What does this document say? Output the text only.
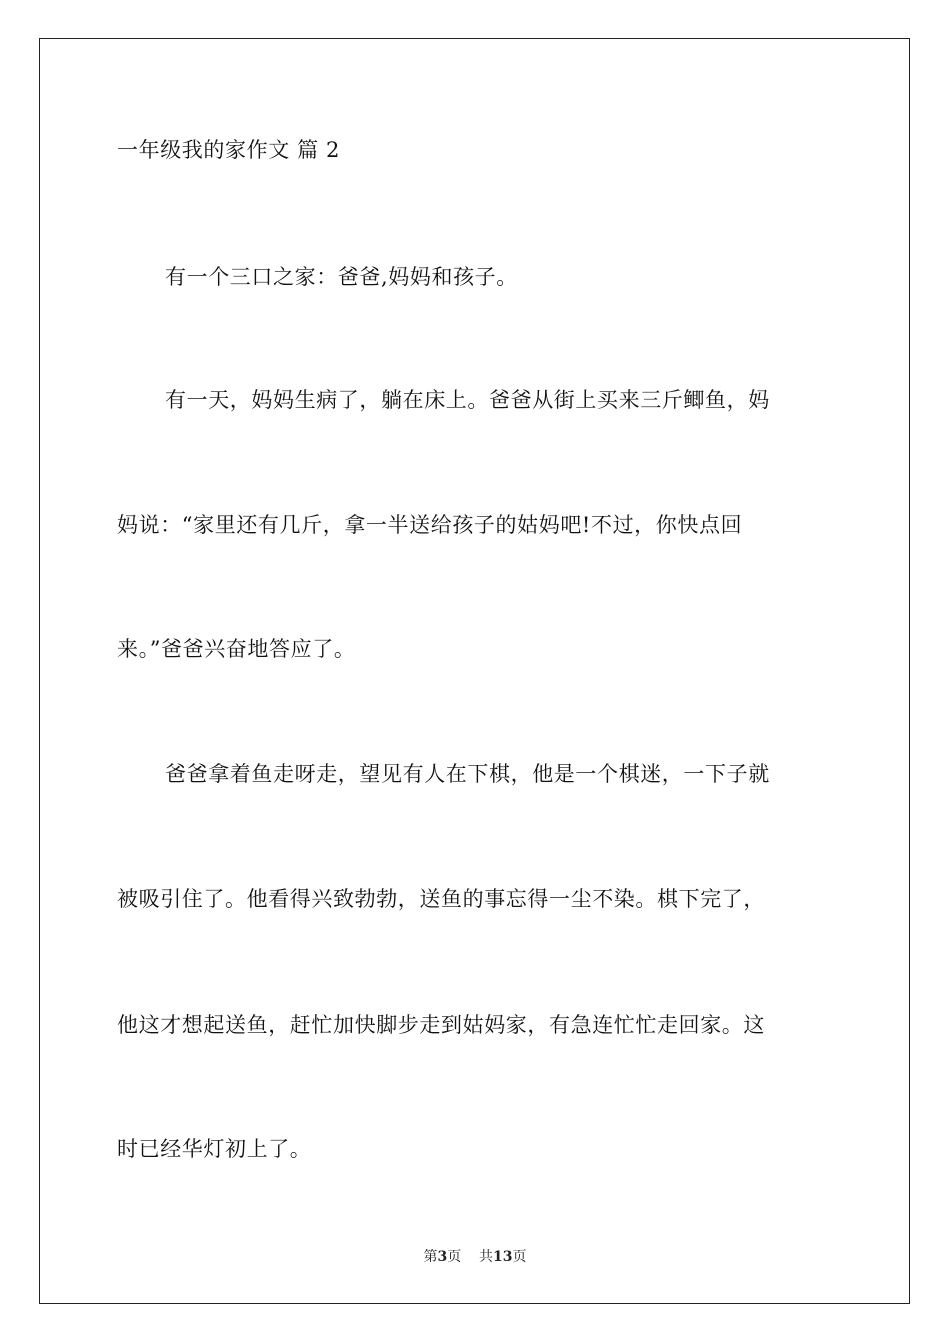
一年级我的家作文 篇 2
有一个三口之家：爸爸,妈妈和孩子。
有一天，妈妈生病了，躺在床上。爸爸从街上买来三斤鲫鱼，妈
妈说：“家里还有几斤，拿一半送给孩子的姑妈吧!不过，你快点回
来。”爸爸兴奋地答应了。
爸爸拿着鱼走呀走，望见有人在下棋，他是一个棋迷，一下子就
被吸引住了。他看得兴致勃勃，送鱼的事忘得一尘不染。棋下完了，
他这才想起送鱼，赶忙加快脚步走到姑妈家，有急连忙忙走回家。这
时已经华灯初上了。
第3页    共13页
